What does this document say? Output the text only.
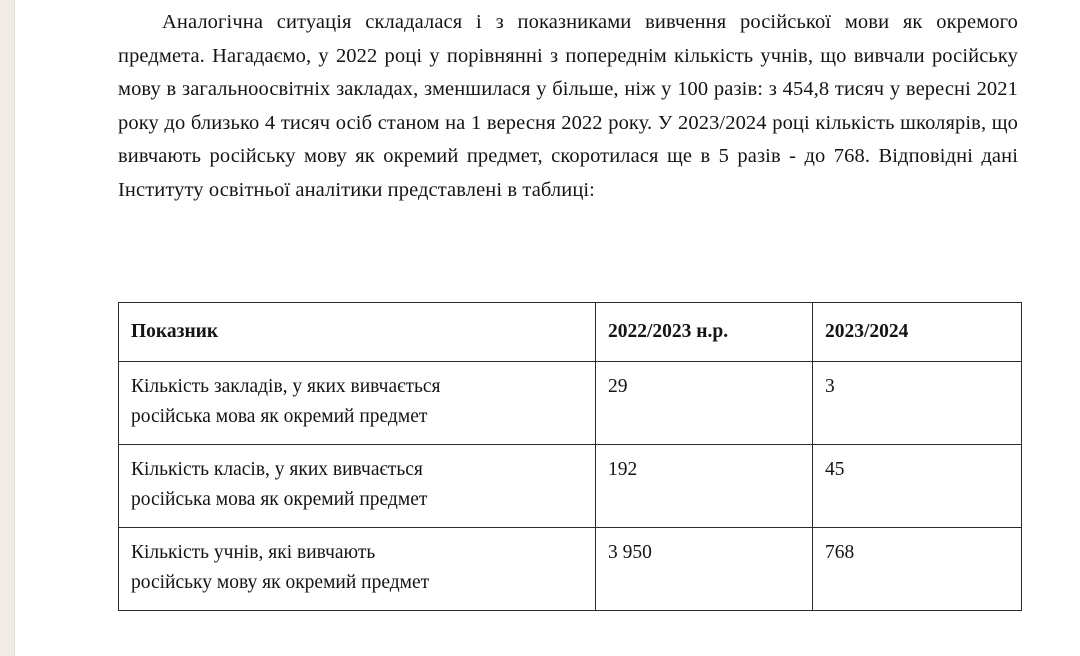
Аналогічна ситуація складалася і з показниками вивчення російської мови як окремого предмета. Нагадаємо, у 2022 році у порівнянні з попереднім кількість учнів, що вивчали російську мову в загальноосвітніх закладах, зменшилася у більше, ніж у 100 разів: з 454,8 тисяч у вересні 2021 року до близько 4 тисяч осіб станом на 1 вересня 2022 року. У 2023/2024 році кількість школярів, що вивчають російську мову як окремий предмет, скоротилася ще в 5 разів - до 768. Відповідні дані Інституту освітньої аналітики представлені в таблиці:

Показник	2022/2023 н.р.	2023/2024

Кількість закладів, у яких вивчається
російська мова як окремий предмет	29	3

Кількість класів, у яких вивчається
російська мова як окремий предмет	192	45

Кількість учнів, які вивчають
російську мову як окремий предмет	3 950	768
